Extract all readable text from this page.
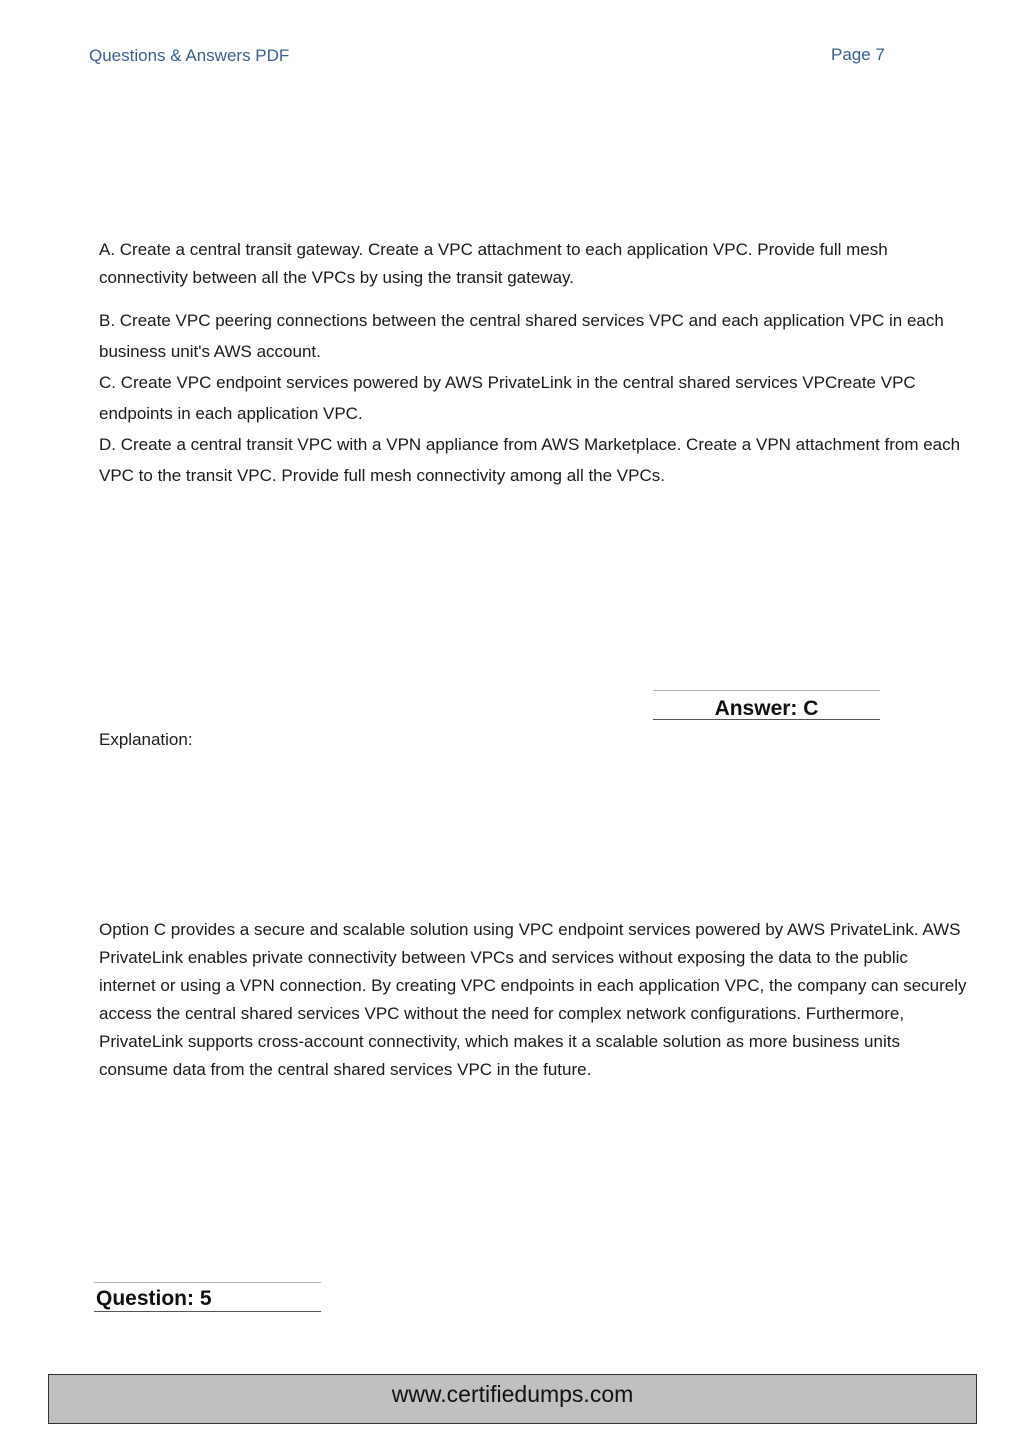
Questions & Answers PDF	Page 7
A. Create a central transit gateway. Create a VPC attachment to each application VPC. Provide full mesh connectivity between all the VPCs by using the transit gateway.
B. Create VPC peering connections between the central shared services VPC and each application VPC in each business unit's AWS account.
C. Create VPC endpoint services powered by AWS PrivateLink in the central shared services VPCreate VPC endpoints in each application VPC.
D. Create a central transit VPC with a VPN appliance from AWS Marketplace. Create a VPN attachment from each VPC to the transit VPC. Provide full mesh connectivity among all the VPCs.
Answer: C
Explanation:
Option C provides a secure and scalable solution using VPC endpoint services powered by AWS PrivateLink. AWS PrivateLink enables private connectivity between VPCs and services without exposing the data to the public internet or using a VPN connection. By creating VPC endpoints in each application VPC, the company can securely access the central shared services VPC without the need for complex network configurations. Furthermore, PrivateLink supports cross-account connectivity, which makes it a scalable solution as more business units consume data from the central shared services VPC in the future.
Question: 5
www.certifiedumps.com
